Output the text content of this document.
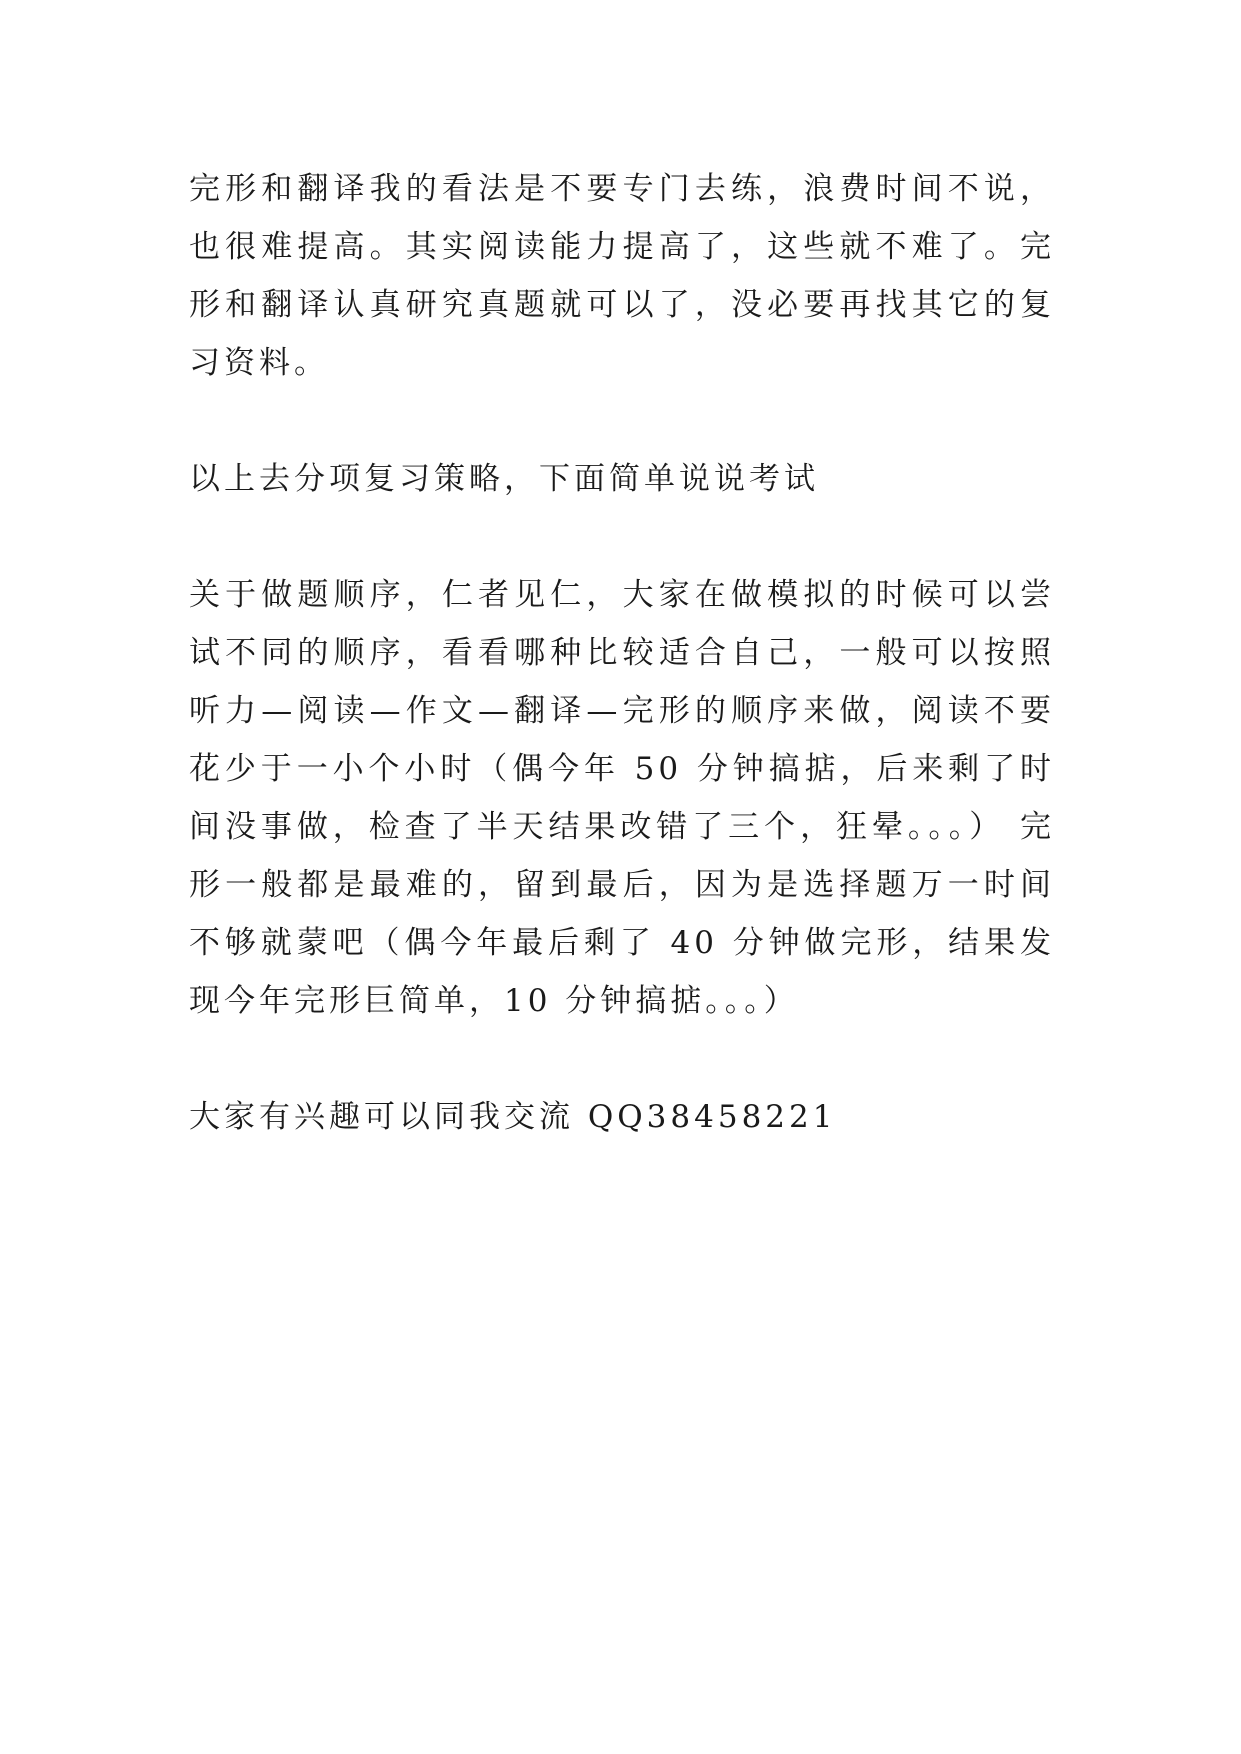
完形和翻译我的看法是不要专门去练，浪费时间不说，也很难提高。其实阅读能力提高了，这些就不难了。完形和翻译认真研究真题就可以了，没必要再找其它的复习资料。

以上去分项复习策略，下面简单说说考试

关于做题顺序，仁者见仁，大家在做模拟的时候可以尝试不同的顺序，看看哪种比较适合自己，一般可以按照听力—阅读—作文—翻译—完形的顺序来做，阅读不要花少于一小个小时（偶今年 50 分钟搞掂，后来剩了时间没事做，检查了半天结果改错了三个，狂晕。。。） 完形一般都是最难的，留到最后，因为是选择题万一时间不够就蒙吧（偶今年最后剩了 40 分钟做完形，结果发现今年完形巨简单，10 分钟搞掂。。。）

大家有兴趣可以同我交流 QQ38458221
